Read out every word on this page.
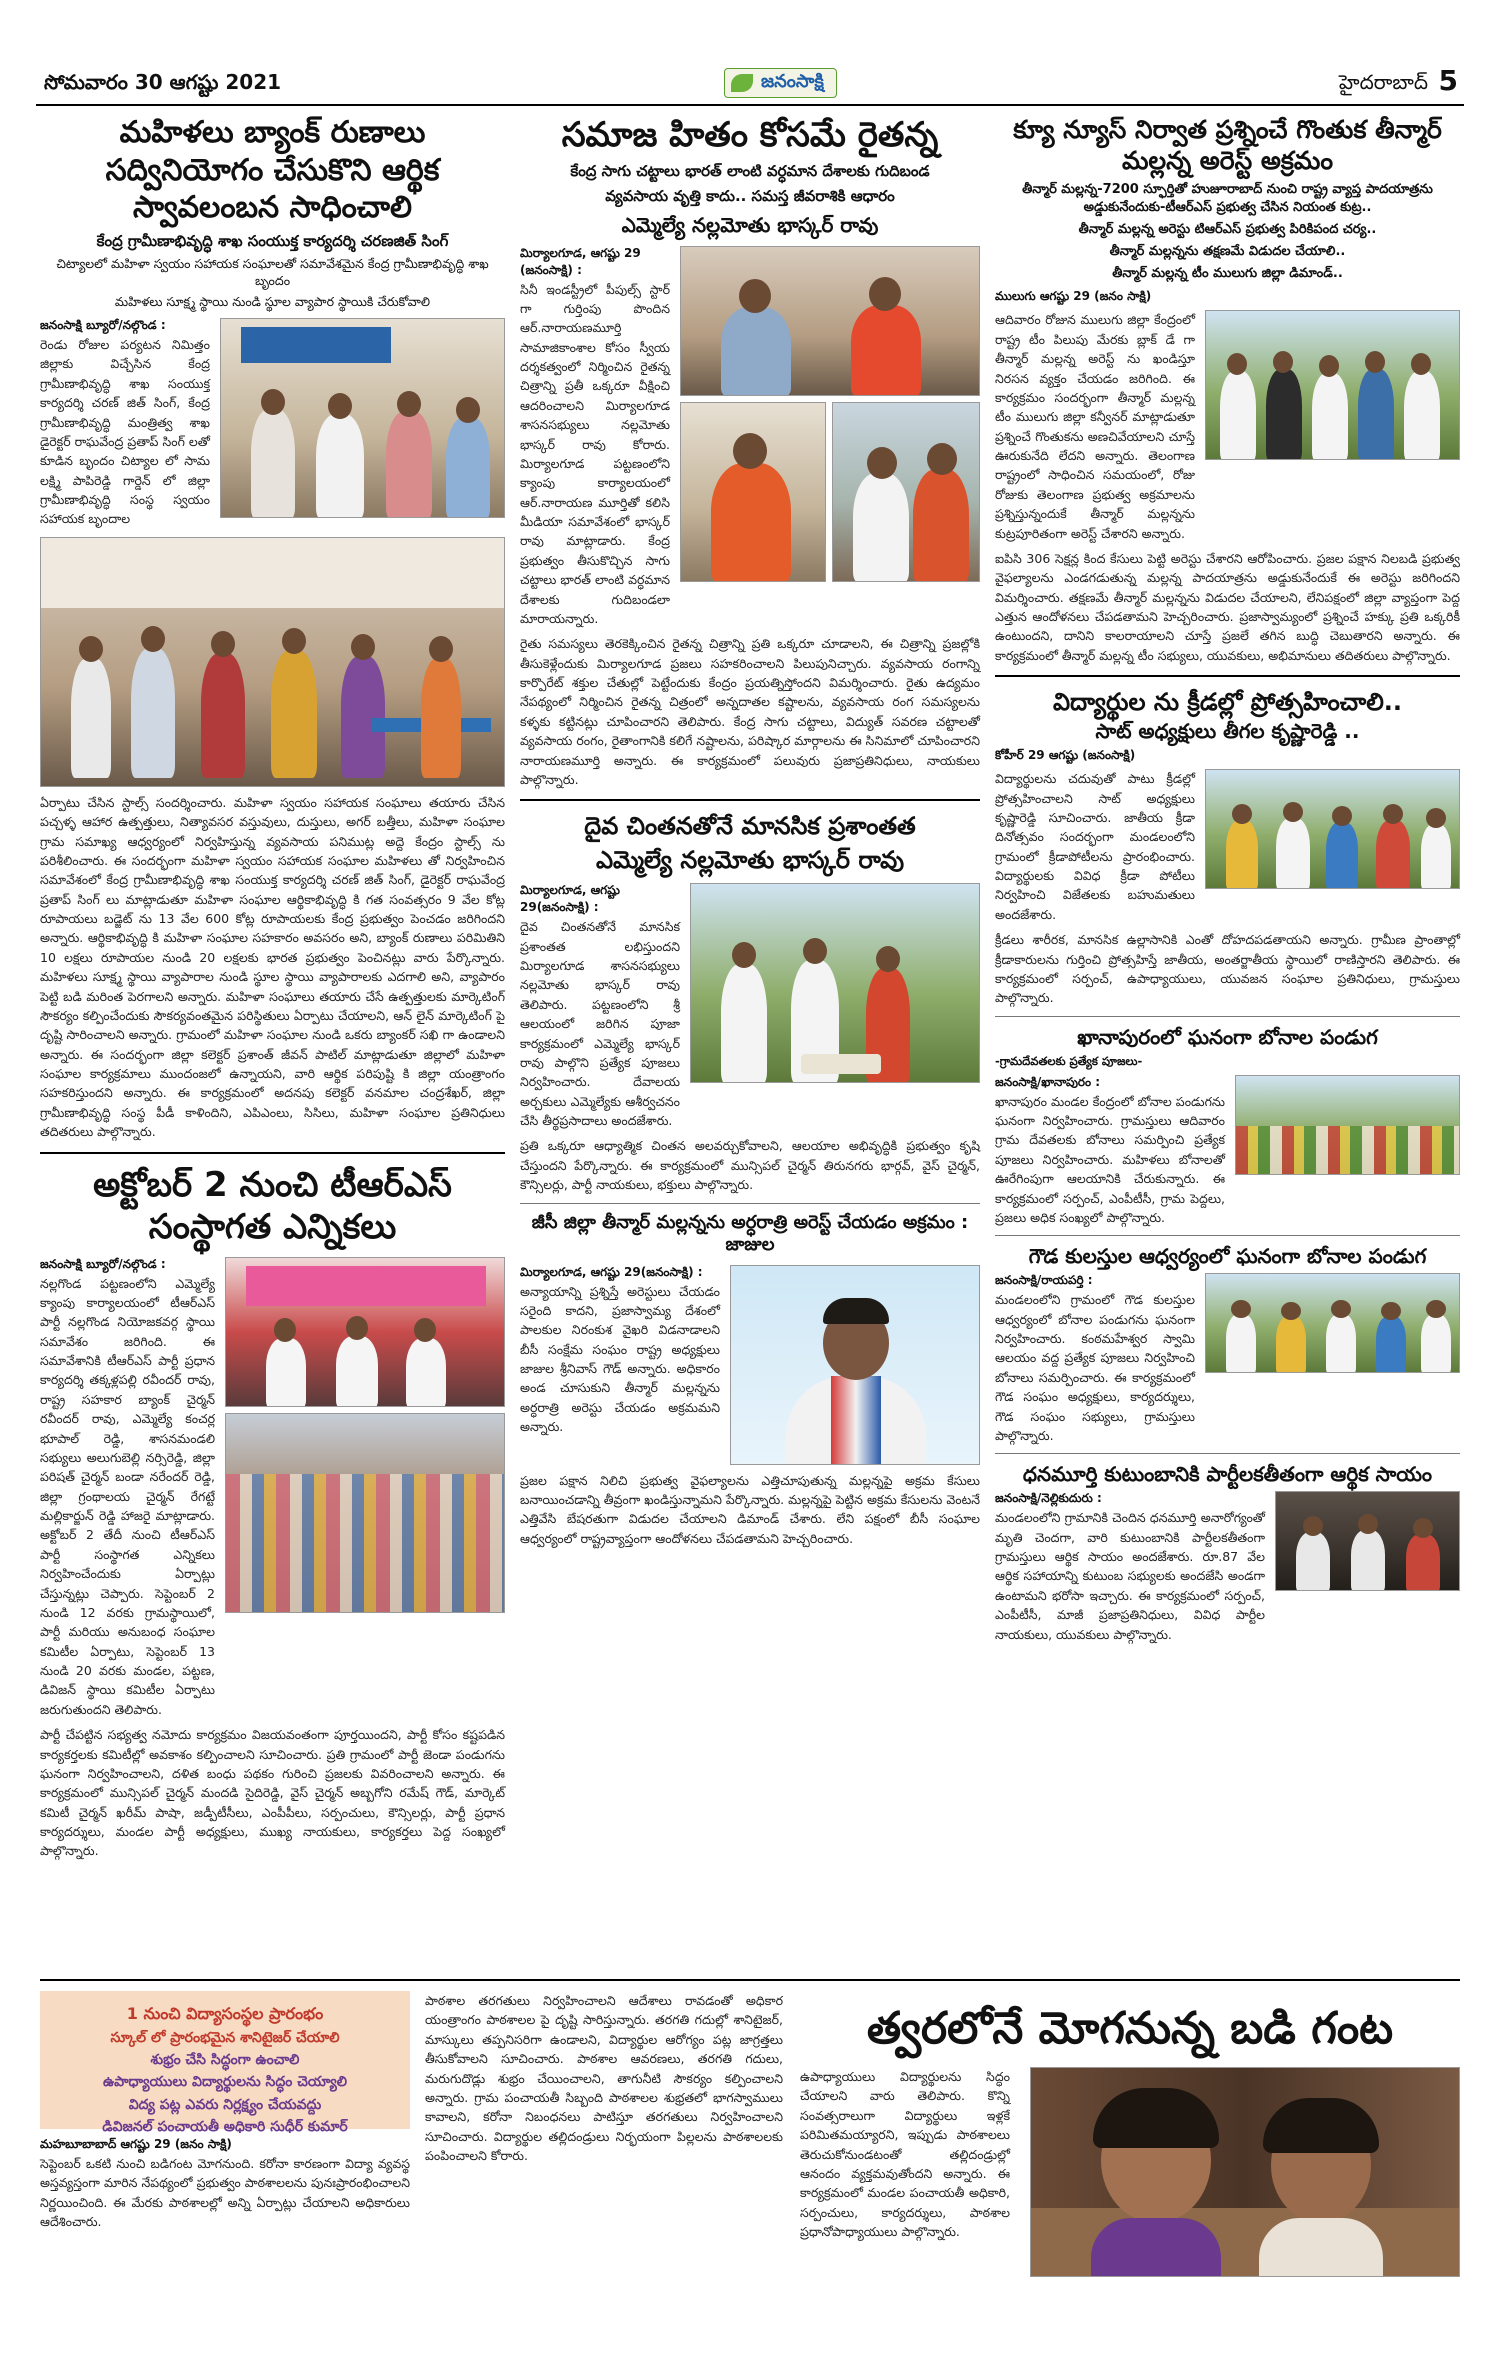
సోమవారం 30 ఆగష్టు 2021	జనంసాక్షి	హైదరాబాద్ 5
మహిళలు బ్యాంక్ రుణాలు సద్వినియోగం చేసుకొని ఆర్థిక స్వావలంబన సాధించాలి
కేంద్ర గ్రామీణాభివృద్ధి శాఖ సంయుక్త కార్యదర్శి చరణజిత్ సింగ్
చిట్యాలలో మహిళా స్వయం సహాయక సంఘాలతో సమావేశమైన కేంద్ర గ్రామీణాభివృద్ధి శాఖ బృందం
మహిళలు సూక్ష్మ స్థాయి నుండి స్థూల వ్యాపార స్థాయికి చేరుకోవాలి
జనంసాక్షి బ్యూరో/నల్గొండ :
రెండు రోజుల పర్యటన నిమిత్తం జిల్లాకు విచ్చేసిన కేంద్ర గ్రామీణాభివృద్ధి శాఖ సంయుక్త కార్యదర్శి చరణ్ జిత్ సింగ్, కేంద్ర గ్రామీణాభివృద్ధి మంత్రిత్వ శాఖ డైరెక్టర్ రాఘవేంద్ర ప్రతాప్ సింగ్ లతో కూడిన బృందం చిట్యాల లో సామ లక్ష్మి పాపిరెడ్డి గార్డెన్ లో జిల్లా గ్రామీణాభివృద్ధి సంస్థ స్వయం సహాయక బృందాల
ఏర్పాటు చేసిన స్టాల్స్ సందర్శించారు. మహిళా స్వయం సహాయక సంఘాలు తయారు చేసిన పచ్చళ్ళ ఆహార ఉత్పత్తులు, నిత్యావసర వస్తువులు, దుస్తులు, అగర్ బత్తీలు, మహిళా సంఘాల గ్రామ సమాఖ్య ఆధ్వర్యంలో నిర్వహిస్తున్న వ్యవసాయ పనిముట్ల అద్దె కేంద్రం స్టాల్స్ ను పరిశీలించారు. ఈ సందర్భంగా మహిళా స్వయం సహాయక సంఘాల మహిళలు తో నిర్వహించిన సమావేశంలో కేంద్ర గ్రామీణాభివృద్ధి శాఖ సంయుక్త కార్యదర్శి చరణ్ జిత్ సింగ్, డైరెక్టర్ రాఘవేంద్ర ప్రతాప్ సింగ్ లు మాట్లాడుతూ మహిళా సంఘాల ఆర్థికాభివృద్ధి కి గత సంవత్సరం 9 వేల కోట్ల రూపాయలు బడ్జెట్ ను 13 వేల 600 కోట్ల రూపాయలకు కేంద్ర ప్రభుత్వం పెంచడం జరిగిందని అన్నారు. ఆర్థికాభివృద్ధి కి మహిళా సంఘాల సహకారం అవసరం అని, బ్యాంక్ రుణాలు పరిమితిని 10 లక్షలు రూపాయల నుండి 20 లక్షలకు భారత ప్రభుత్వం పెంచినట్లు వారు పేర్కొన్నారు. మహిళలు సూక్ష్మ స్థాయి వ్యాపారాల నుండి స్థూల స్థాయి వ్యాపారాలకు ఎదగాలి అని, వ్యాపారం పెట్టి బడి మరింత పెరగాలని అన్నారు. మహిళా సంఘాలు తయారు చేసే ఉత్పత్తులకు మార్కెటింగ్ సౌకర్యం కల్పించేందుకు సౌకర్యవంతమైన పరిస్థితులు ఏర్పాటు చేయాలని, ఆన్ లైన్ మార్కెటింగ్ పై దృష్టి సారించాలని అన్నారు. గ్రామంలో మహిళా సంఘాల నుండి ఒకరు బ్యాంకర్ సఖి గా ఉండాలని అన్నారు. ఈ సందర్భంగా జిల్లా కలెక్టర్ ప్రశాంత్ జీవన్ పాటిల్ మాట్లాడుతూ జిల్లాలో మహిళా సంఘాల కార్యక్రమాలు ముందంజలో ఉన్నాయని, వారి ఆర్థిక పరిపుష్టి కి జిల్లా యంత్రాంగం సహకరిస్తుందని అన్నారు. ఈ కార్యక్రమంలో అదనపు కలెక్టర్ వనమాల చంద్రశేఖర్, జిల్లా గ్రామీణాభివృద్ధి సంస్థ పీడీ కాళిందిని, ఎపిఎంలు, సిసిలు, మహిళా సంఘాల ప్రతినిధులు తదితరులు పాల్గొన్నారు.
అక్టోబర్ 2 నుంచి టీఆర్ఎస్ సంస్థాగత ఎన్నికలు
జనంసాక్షి బ్యూరో/నల్గొండ :
నల్లగొండ పట్టణంలోని ఎమ్మెల్యే క్యాంపు కార్యాలయంలో టీఆర్ఎస్ పార్టీ నల్లగొండ నియోజకవర్గ స్థాయి సమావేశం జరిగింది. ఈ సమావేశానికి టీఆర్ఎస్ పార్టీ ప్రధాన కార్యదర్శి తక్కళ్లపల్లి రవీందర్ రావు, రాష్ట్ర సహకార బ్యాంక్ చైర్మన్ రవీందర్ రావు, ఎమ్మెల్యే కంచర్ల భూపాల్ రెడ్డి, శాసనమండలి సభ్యులు అలుగుబెల్లి నర్సిరెడ్డి, జిల్లా పరిషత్ చైర్మన్ బండా నరేందర్ రెడ్డి, జిల్లా గ్రంథాలయ చైర్మన్ రేగట్టే మల్లికార్జున్ రెడ్డి హాజరై మాట్లాడారు. అక్టోబర్ 2 తేదీ నుంచి టీఆర్ఎస్ పార్టీ సంస్థాగత ఎన్నికలు నిర్వహించేందుకు ఏర్పాట్లు చేస్తున్నట్లు చెప్పారు. సెప్టెంబర్ 2 నుండి 12 వరకు గ్రామస్థాయిలో, పార్టీ మరియు అనుబంధ సంఘాల కమిటీల ఏర్పాటు, సెప్టెంబర్ 13 నుండి 20 వరకు మండల, పట్టణ, డివిజన్ స్థాయి కమిటీల ఏర్పాటు జరుగుతుందని తెలిపారు.
పార్టీ చేపట్టిన సభ్యత్వ నమోదు కార్యక్రమం విజయవంతంగా పూర్తయిందని, పార్టీ కోసం కష్టపడిన కార్యకర్తలకు కమిటీల్లో అవకాశం కల్పించాలని సూచించారు. ప్రతి గ్రామంలో పార్టీ జెండా పండుగను ఘనంగా నిర్వహించాలని, దళిత బంధు పథకం గురించి ప్రజలకు వివరించాలని అన్నారు. ఈ కార్యక్రమంలో మున్సిపల్ చైర్మన్ మందడి సైదిరెడ్డి, వైస్ చైర్మన్ అబ్బగోని రమేష్ గౌడ్, మార్కెట్ కమిటీ చైర్మన్ ఖరీమ్ పాషా, జడ్పీటీసీలు, ఎంపీపీలు, సర్పంచులు, కౌన్సిలర్లు, పార్టీ ప్రధాన కార్యదర్శులు, మండల పార్టీ అధ్యక్షులు, ముఖ్య నాయకులు, కార్యకర్తలు పెద్ద సంఖ్యలో పాల్గొన్నారు.
సమాజ హితం కోసమే రైతన్న
కేంద్ర సాగు చట్టాలు భారత్ లాంటి వర్ధమాన దేశాలకు గుదిబండ
వ్యవసాయ వృత్తి కాదు.. సమస్త జీవరాశికి ఆధారం
ఎమ్మెల్యే నల్లమోతు భాస్కర్ రావు
మిర్యాలగూడ, ఆగష్టు 29 (జనంసాక్షి) :
సినీ ఇండస్ట్రీలో పీపుల్స్ స్టార్ గా గుర్తింపు పొందిన ఆర్.నారాయణమూర్తి సామాజికాంశాల కోసం స్వీయ దర్శకత్వంలో నిర్మించిన రైతన్న చిత్రాన్ని ప్రతీ ఒక్కరూ వీక్షించి ఆదరించాలని మిర్యాలగూడ శాసనసభ్యులు నల్లమోతు భాస్కర్ రావు కోరారు. మిర్యాలగూడ పట్టణంలోని క్యాంపు కార్యాలయంలో ఆర్.నారాయణ మూర్తితో కలిసి మీడియా సమావేశంలో భాస్కర్ రావు మాట్లాడారు. కేంద్ర ప్రభుత్వం తీసుకొచ్చిన సాగు చట్టాలు భారత్ లాంటి వర్ధమాన దేశాలకు గుదిబండలా మారాయన్నారు.
రైతు సమస్యలు తెరకెక్కించిన రైతన్న చిత్రాన్ని ప్రతి ఒక్కరూ చూడాలని, ఈ చిత్రాన్ని ప్రజల్లోకి తీసుకెళ్లేందుకు మిర్యాలగూడ ప్రజలు సహకరించాలని పిలుపునిచ్చారు. వ్యవసాయ రంగాన్ని కార్పొరేట్ శక్తుల చేతుల్లో పెట్టేందుకు కేంద్రం ప్రయత్నిస్తోందని విమర్శించారు. రైతు ఉద్యమం నేపథ్యంలో నిర్మించిన రైతన్న చిత్రంలో అన్నదాతల కష్టాలను, వ్యవసాయ రంగ సమస్యలను కళ్ళకు కట్టినట్లు చూపించారని తెలిపారు. కేంద్ర సాగు చట్టాలు, విద్యుత్ సవరణ చట్టాలతో వ్యవసాయ రంగం, రైతాంగానికి కలిగే నష్టాలను, పరిష్కార మార్గాలను ఈ సినిమాలో చూపించారని నారాయణమూర్తి అన్నారు. ఈ కార్యక్రమంలో పలువురు ప్రజాప్రతినిధులు, నాయకులు పాల్గొన్నారు.
దైవ చింతనతోనే మానసిక ప్రశాంతత
ఎమ్మెల్యే నల్లమోతు భాస్కర్ రావు
మిర్యాలగూడ, ఆగష్టు 29(జనంసాక్షి) :
దైవ చింతనతోనే మానసిక ప్రశాంతత లభిస్తుందని మిర్యాలగూడ శాసనసభ్యులు నల్లమోతు భాస్కర్ రావు తెలిపారు. పట్టణంలోని శ్రీ ఆలయంలో జరిగిన పూజా కార్యక్రమంలో ఎమ్మెల్యే భాస్కర్ రావు పాల్గొని ప్రత్యేక పూజలు నిర్వహించారు. దేవాలయ అర్చకులు ఎమ్మెల్యేకు ఆశీర్వచనం చేసి తీర్థప్రసాదాలు అందజేశారు.
ప్రతి ఒక్కరూ ఆధ్యాత్మిక చింతన అలవర్చుకోవాలని, ఆలయాల అభివృద్ధికి ప్రభుత్వం కృషి చేస్తుందని పేర్కొన్నారు. ఈ కార్యక్రమంలో మున్సిపల్ చైర్మన్ తిరునగరు భార్గవ్, వైస్ చైర్మన్, కౌన్సిలర్లు, పార్టీ నాయకులు, భక్తులు పాల్గొన్నారు.
జీసీ జిల్లా తీన్మార్ మల్లన్నను అర్ధరాత్రి అరెస్ట్ చేయడం అక్రమం : జాజుల
మిర్యాలగూడ, ఆగష్టు 29(జనంసాక్షి) :
అన్యాయాన్ని ప్రశ్నిస్తే అరెస్టులు చేయడం సరైంది కాదని, ప్రజాస్వామ్య దేశంలో పాలకుల నిరంకుశ వైఖరి విడనాడాలని బీసీ సంక్షేమ సంఘం రాష్ట్ర అధ్యక్షులు జాజుల శ్రీనివాస్ గౌడ్ అన్నారు. అధికారం అండ చూసుకుని తీన్మార్ మల్లన్నను అర్ధరాత్రి అరెస్టు చేయడం అక్రమమని అన్నారు.
ప్రజల పక్షాన నిలిచి ప్రభుత్వ వైఫల్యాలను ఎత్తిచూపుతున్న మల్లన్నపై అక్రమ కేసులు బనాయించడాన్ని తీవ్రంగా ఖండిస్తున్నామని పేర్కొన్నారు. మల్లన్నపై పెట్టిన అక్రమ కేసులను వెంటనే ఎత్తివేసి బేషరతుగా విడుదల చేయాలని డిమాండ్ చేశారు. లేని పక్షంలో బీసీ సంఘాల ఆధ్వర్యంలో రాష్ట్రవ్యాప్తంగా ఆందోళనలు చేపడతామని హెచ్చరించారు.
క్యూ న్యూస్ నిర్వాత ప్రశ్నించే గొంతుక తీన్మార్ మల్లన్న అరెస్ట్ అక్రమం
తీన్మార్ మల్లన్న-7200 స్ఫూర్తితో హుజూరాబాద్ నుంచి రాష్ట్ర వ్యాప్త పాదయాత్రను అడ్డుకునేందుకు-టీఆర్ఎస్ ప్రభుత్వ చేసిన నియంత కుట్ర..
తీన్మార్ మల్లన్న అరెస్టు టిఆర్ఎస్ ప్రభుత్వ పిరికిపంద చర్య..
తీన్మార్ మల్లన్నను తక్షణమే విడుదల చేయాలి..
తీన్మార్ మల్లన్న టీం ములుగు జిల్లా డిమాండ్..
ములుగు ఆగష్టు 29 (జనం సాక్షి)
ఆదివారం రోజున ములుగు జిల్లా కేంద్రంలో రాష్ట్ర టీం పిలుపు మేరకు బ్లాక్ డే గా తీన్మార్ మల్లన్న అరెస్ట్ ను ఖండిస్తూ నిరసన వ్యక్తం చేయడం జరిగింది. ఈ కార్యక్రమం సందర్భంగా తీన్మార్ మల్లన్న టీం ములుగు జిల్లా కన్వీనర్ మాట్లాడుతూ ప్రశ్నించే గొంతుకను అణచివేయాలని చూస్తే ఊరుకునేది లేదని అన్నారు. తెలంగాణ రాష్ట్రంలో సాధించిన సమయంలో, రోజు రోజుకు తెలంగాణ ప్రభుత్వ అక్రమాలను ప్రశ్నిస్తున్నందుకే తీన్మార్ మల్లన్నను కుట్రపూరితంగా అరెస్ట్ చేశారని అన్నారు.
ఐపిసి 306 సెక్షన్ల కింద కేసులు పెట్టి అరెస్టు చేశారని ఆరోపించారు. ప్రజల పక్షాన నిలబడి ప్రభుత్వ వైఫల్యాలను ఎండగడుతున్న మల్లన్న పాదయాత్రను అడ్డుకునేందుకే ఈ అరెస్టు జరిగిందని విమర్శించారు. తక్షణమే తీన్మార్ మల్లన్నను విడుదల చేయాలని, లేనిపక్షంలో జిల్లా వ్యాప్తంగా పెద్ద ఎత్తున ఆందోళనలు చేపడతామని హెచ్చరించారు. ప్రజాస్వామ్యంలో ప్రశ్నించే హక్కు ప్రతి ఒక్కరికీ ఉంటుందని, దానిని కాలరాయాలని చూస్తే ప్రజలే తగిన బుద్ధి చెబుతారని అన్నారు. ఈ కార్యక్రమంలో తీన్మార్ మల్లన్న టీం సభ్యులు, యువకులు, అభిమానులు తదితరులు పాల్గొన్నారు.
విద్యార్థుల ను క్రీడల్లో ప్రోత్సహించాలి..
సాట్ అధ్యక్షులు తీగల కృష్ణారెడ్డి ..
కోహీర్ 29 ఆగష్టు (జనంసాక్షి)
విద్యార్థులను చదువుతో పాటు క్రీడల్లో ప్రోత్సహించాలని సాట్ అధ్యక్షులు కృష్ణారెడ్డి సూచించారు. జాతీయ క్రీడా దినోత్సవం సందర్భంగా మండలంలోని గ్రామంలో క్రీడాపోటీలను ప్రారంభించారు. విద్యార్థులకు వివిధ క్రీడా పోటీలు నిర్వహించి విజేతలకు బహుమతులు అందజేశారు.
క్రీడలు శారీరక, మానసిక ఉల్లాసానికి ఎంతో దోహదపడతాయని అన్నారు. గ్రామీణ ప్రాంతాల్లో క్రీడాకారులను గుర్తించి ప్రోత్సహిస్తే జాతీయ, అంతర్జాతీయ స్థాయిలో రాణిస్తారని తెలిపారు. ఈ కార్యక్రమంలో సర్పంచ్, ఉపాధ్యాయులు, యువజన సంఘాల ప్రతినిధులు, గ్రామస్తులు పాల్గొన్నారు.
ఖానాపురంలో ఘనంగా బోనాల పండుగ
-గ్రామదేవతలకు ప్రత్యేక పూజలు-
జనంసాక్షి/ఖానాపురం :
ఖానాపురం మండల కేంద్రంలో బోనాల పండుగను ఘనంగా నిర్వహించారు. గ్రామస్తులు ఆదివారం గ్రామ దేవతలకు బోనాలు సమర్పించి ప్రత్యేక పూజలు నిర్వహించారు. మహిళలు బోనాలతో ఊరేగింపుగా ఆలయానికి చేరుకున్నారు. ఈ కార్యక్రమంలో సర్పంచ్, ఎంపీటీసీ, గ్రామ పెద్దలు, ప్రజలు అధిక సంఖ్యలో పాల్గొన్నారు.
గౌడ కులస్తుల ఆధ్వర్యంలో ఘనంగా బోనాల పండుగ
జనంసాక్షి/రాయపర్తి :
మండలంలోని గ్రామంలో గౌడ కులస్తుల ఆధ్వర్యంలో బోనాల పండుగను ఘనంగా నిర్వహించారు. కంఠమహేశ్వర స్వామి ఆలయం వద్ద ప్రత్యేక పూజలు నిర్వహించి బోనాలు సమర్పించారు. ఈ కార్యక్రమంలో గౌడ సంఘం అధ్యక్షులు, కార్యదర్శులు, గౌడ సంఘం సభ్యులు, గ్రామస్తులు పాల్గొన్నారు.
ధనమూర్తి కుటుంబానికి పార్టీలకతీతంగా ఆర్థిక సాయం
జనంసాక్షి/నెల్లికుదురు :
మండలంలోని గ్రామానికి చెందిన ధనమూర్తి అనారోగ్యంతో మృతి చెందగా, వారి కుటుంబానికి పార్టీలకతీతంగా గ్రామస్తులు ఆర్థిక సాయం అందజేశారు. రూ.87 వేల ఆర్థిక సహాయాన్ని కుటుంబ సభ్యులకు అందజేసి అండగా ఉంటామని భరోసా ఇచ్చారు. ఈ కార్యక్రమంలో సర్పంచ్, ఎంపీటీసీ, మాజీ ప్రజాప్రతినిధులు, వివిధ పార్టీల నాయకులు, యువకులు పాల్గొన్నారు.
1 నుంచి విద్యాసంస్థల ప్రారంభం
స్కూల్ లో ప్రారంభమైన శానిటైజర్ చేయాలి
శుభ్రం చేసి సిద్ధంగా ఉంచాలి
ఉపాధ్యాయులు విద్యార్థులను సిద్ధం చెయ్యాలి
విద్య పట్ల ఎవరు నిర్లక్ష్యం చేయవద్దు
డివిజనల్ పంచాయతీ అధికారి సుధీర్ కుమార్
మహబూబాబాద్ ఆగష్టు 29 (జనం సాక్షి)
సెప్టెంబర్ ఒకటి నుంచి బడిగంట మోగనుంది. కరోనా కారణంగా విద్యా వ్యవస్థ అస్తవ్యస్తంగా మారిన నేపథ్యంలో ప్రభుత్వం పాఠశాలలను పునఃప్రారంభించాలని నిర్ణయించింది. ఈ మేరకు పాఠశాలల్లో అన్ని ఏర్పాట్లు చేయాలని అధికారులు ఆదేశించారు.
పాఠశాల తరగతులు నిర్వహించాలని ఆదేశాలు రావడంతో అధికార యంత్రాంగం పాఠశాలల పై దృష్టి సారిస్తున్నారు. తరగతి గదుల్లో శానిటైజర్, మాస్కులు తప్పనిసరిగా ఉండాలని, విద్యార్థుల ఆరోగ్యం పట్ల జాగ్రత్తలు తీసుకోవాలని సూచించారు. పాఠశాల ఆవరణలు, తరగతి గదులు, మరుగుదొడ్లు శుభ్రం చేయించాలని, తాగునీటి సౌకర్యం కల్పించాలని అన్నారు. గ్రామ పంచాయతీ సిబ్బంది పాఠశాలల శుభ్రతలో భాగస్వాములు కావాలని, కరోనా నిబంధనలు పాటిస్తూ తరగతులు నిర్వహించాలని సూచించారు. విద్యార్థుల తల్లిదండ్రులు నిర్భయంగా పిల్లలను పాఠశాలలకు పంపించాలని కోరారు.
త్వరలోనే మోగనున్న బడి గంట
ఉపాధ్యాయులు విద్యార్థులను సిద్ధం చేయాలని వారు తెలిపారు. కొన్ని సంవత్సరాలుగా విద్యార్థులు ఇళ్లకే పరిమితమయ్యారని, ఇప్పుడు పాఠశాలలు తెరుచుకోనుండటంతో తల్లిదండ్రుల్లో ఆనందం వ్యక్తమవుతోందని అన్నారు. ఈ కార్యక్రమంలో మండల పంచాయతీ అధికారి, సర్పంచులు, కార్యదర్శులు, పాఠశాల ప్రధానోపాధ్యాయులు పాల్గొన్నారు.
